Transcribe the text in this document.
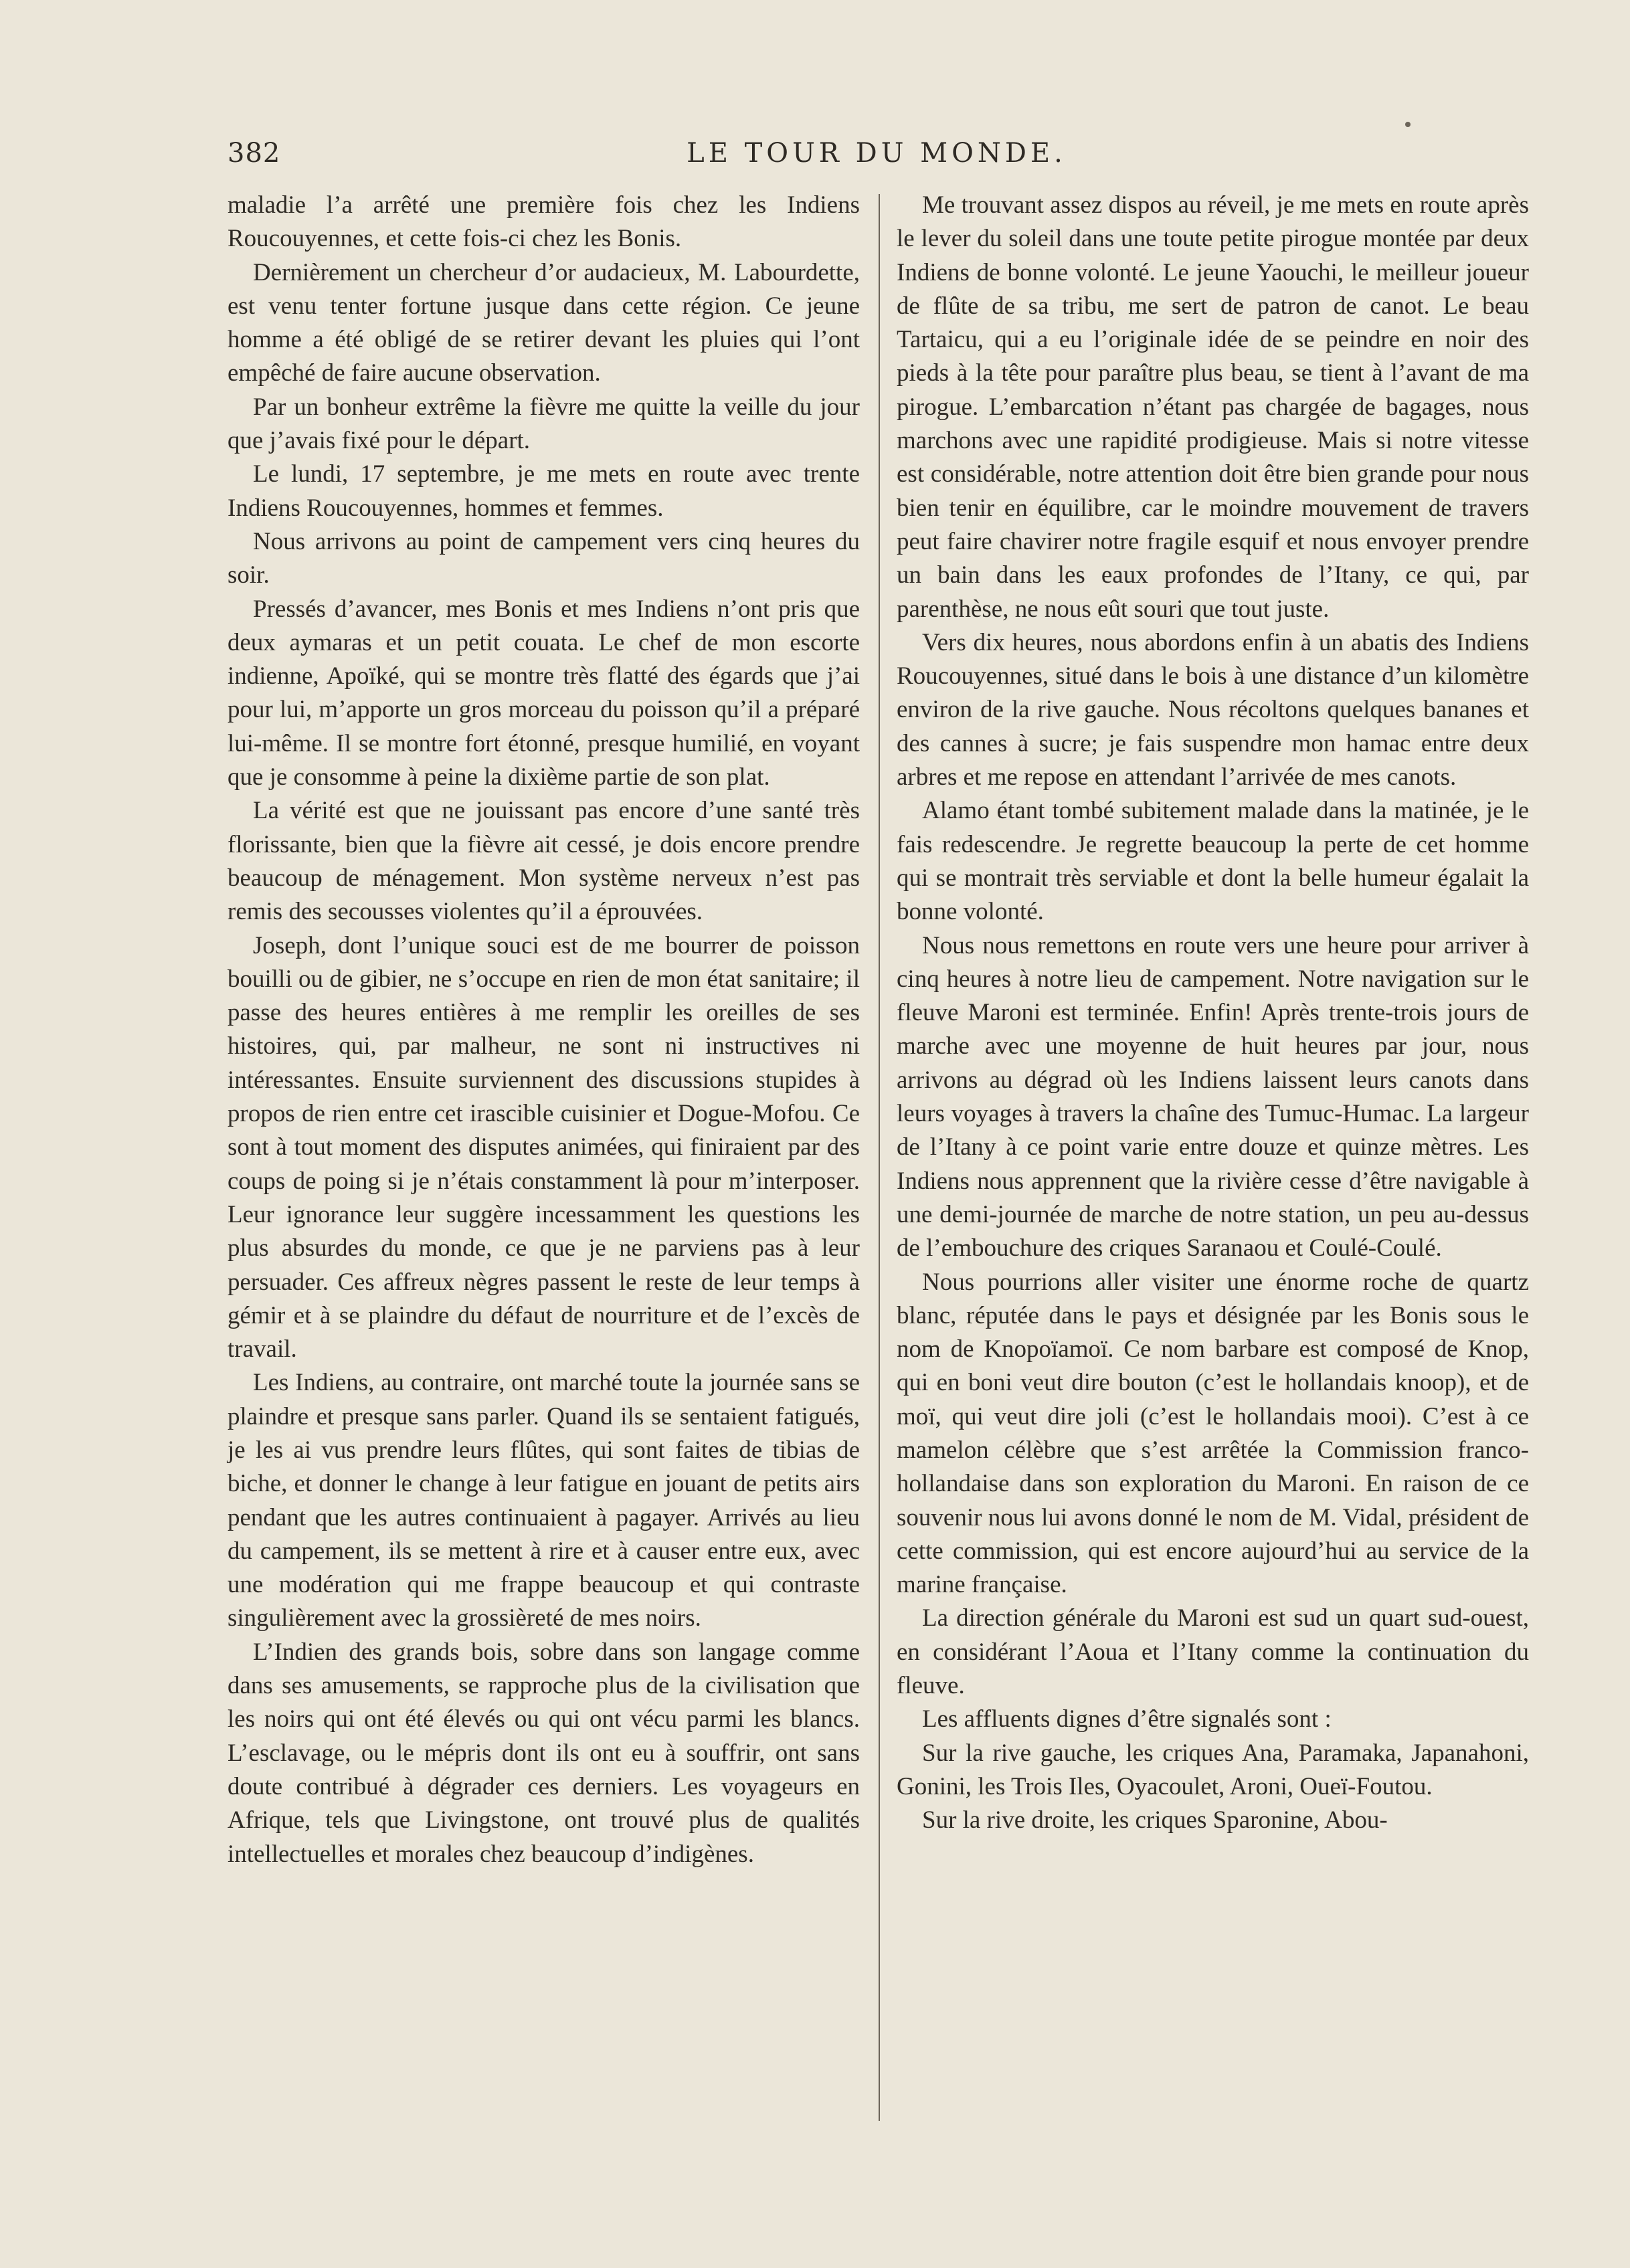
382	LE TOUR DU MONDE.

maladie l’a arrêté une première fois chez les Indiens Roucouyennes, et cette fois-ci chez les Bonis.

Dernièrement un chercheur d’or audacieux, M. Labourdette, est venu tenter fortune jusque dans cette région. Ce jeune homme a été obligé de se retirer devant les pluies qui l’ont empêché de faire aucune observation.

Par un bonheur extrême la fièvre me quitte la veille du jour que j’avais fixé pour le départ.

Le lundi, 17 septembre, je me mets en route avec trente Indiens Roucouyennes, hommes et femmes.

Nous arrivons au point de campement vers cinq heures du soir.

Pressés d’avancer, mes Bonis et mes Indiens n’ont pris que deux aymaras et un petit couata. Le chef de mon escorte indienne, Apoïké, qui se montre très flatté des égards que j’ai pour lui, m’apporte un gros morceau du poisson qu’il a préparé lui-même. Il se montre fort étonné, presque humilié, en voyant que je consomme à peine la dixième partie de son plat.

La vérité est que ne jouissant pas encore d’une santé très florissante, bien que la fièvre ait cessé, je dois encore prendre beaucoup de ménagement. Mon système nerveux n’est pas remis des secousses violentes qu’il a éprouvées.

Joseph, dont l’unique souci est de me bourrer de poisson bouilli ou de gibier, ne s’occupe en rien de mon état sanitaire; il passe des heures entières à me remplir les oreilles de ses histoires, qui, par malheur, ne sont ni instructives ni intéressantes. Ensuite surviennent des discussions stupides à propos de rien entre cet irascible cuisinier et Dogue-Mofou. Ce sont à tout moment des disputes animées, qui finiraient par des coups de poing si je n’étais constamment là pour m’interposer. Leur ignorance leur suggère incessamment les questions les plus absurdes du monde, ce que je ne parviens pas à leur persuader. Ces affreux nègres passent le reste de leur temps à gémir et à se plaindre du défaut de nourriture et de l’excès de travail.

Les Indiens, au contraire, ont marché toute la journée sans se plaindre et presque sans parler. Quand ils se sentaient fatigués, je les ai vus prendre leurs flûtes, qui sont faites de tibias de biche, et donner le change à leur fatigue en jouant de petits airs pendant que les autres continuaient à pagayer. Arrivés au lieu du campement, ils se mettent à rire et à causer entre eux, avec une modération qui me frappe beaucoup et qui contraste singulièrement avec la grossièreté de mes noirs.

L’Indien des grands bois, sobre dans son langage comme dans ses amusements, se rapproche plus de la civilisation que les noirs qui ont été élevés ou qui ont vécu parmi les blancs. L’esclavage, ou le mépris dont ils ont eu à souffrir, ont sans doute contribué à dégrader ces derniers. Les voyageurs en Afrique, tels que Livingstone, ont trouvé plus de qualités intellectuelles et morales chez beaucoup d’indigènes.

Me trouvant assez dispos au réveil, je me mets en route après le lever du soleil dans une toute petite pirogue montée par deux Indiens de bonne volonté. Le jeune Yaouchi, le meilleur joueur de flûte de sa tribu, me sert de patron de canot. Le beau Tartaicu, qui a eu l’originale idée de se peindre en noir des pieds à la tête pour paraître plus beau, se tient à l’avant de ma pirogue. L’embarcation n’étant pas chargée de bagages, nous marchons avec une rapidité prodigieuse. Mais si notre vitesse est considérable, notre attention doit être bien grande pour nous bien tenir en équilibre, car le moindre mouvement de travers peut faire chavirer notre fragile esquif et nous envoyer prendre un bain dans les eaux profondes de l’Itany, ce qui, par parenthèse, ne nous eût souri que tout juste.

Vers dix heures, nous abordons enfin à un abatis des Indiens Roucouyennes, situé dans le bois à une distance d’un kilomètre environ de la rive gauche. Nous récoltons quelques bananes et des cannes à sucre; je fais suspendre mon hamac entre deux arbres et me repose en attendant l’arrivée de mes canots.

Alamo étant tombé subitement malade dans la matinée, je le fais redescendre. Je regrette beaucoup la perte de cet homme qui se montrait très serviable et dont la belle humeur égalait la bonne volonté.

Nous nous remettons en route vers une heure pour arriver à cinq heures à notre lieu de campement. Notre navigation sur le fleuve Maroni est terminée. Enfin! Après trente-trois jours de marche avec une moyenne de huit heures par jour, nous arrivons au dégrad où les Indiens laissent leurs canots dans leurs voyages à travers la chaîne des Tumuc-Humac. La largeur de l’Itany à ce point varie entre douze et quinze mètres. Les Indiens nous apprennent que la rivière cesse d’être navigable à une demi-journée de marche de notre station, un peu au-dessus de l’embouchure des criques Saranaou et Coulé-Coulé.

Nous pourrions aller visiter une énorme roche de quartz blanc, réputée dans le pays et désignée par les Bonis sous le nom de Knopoïamoï. Ce nom barbare est composé de Knop, qui en boni veut dire bouton (c’est le hollandais knoop), et de moï, qui veut dire joli (c’est le hollandais mooi). C’est à ce mamelon célèbre que s’est arrêtée la Commission franco-hollandaise dans son exploration du Maroni. En raison de ce souvenir nous lui avons donné le nom de M. Vidal, président de cette commission, qui est encore aujourd’hui au service de la marine française.

La direction générale du Maroni est sud un quart sud-ouest, en considérant l’Aoua et l’Itany comme la continuation du fleuve.

Les affluents dignes d’être signalés sont :

Sur la rive gauche, les criques Ana, Paramaka, Japanahoni, Gonini, les Trois Iles, Oyacoulet, Aroni, Oueï-Foutou.

Sur la rive droite, les criques Sparonine, Abou-
